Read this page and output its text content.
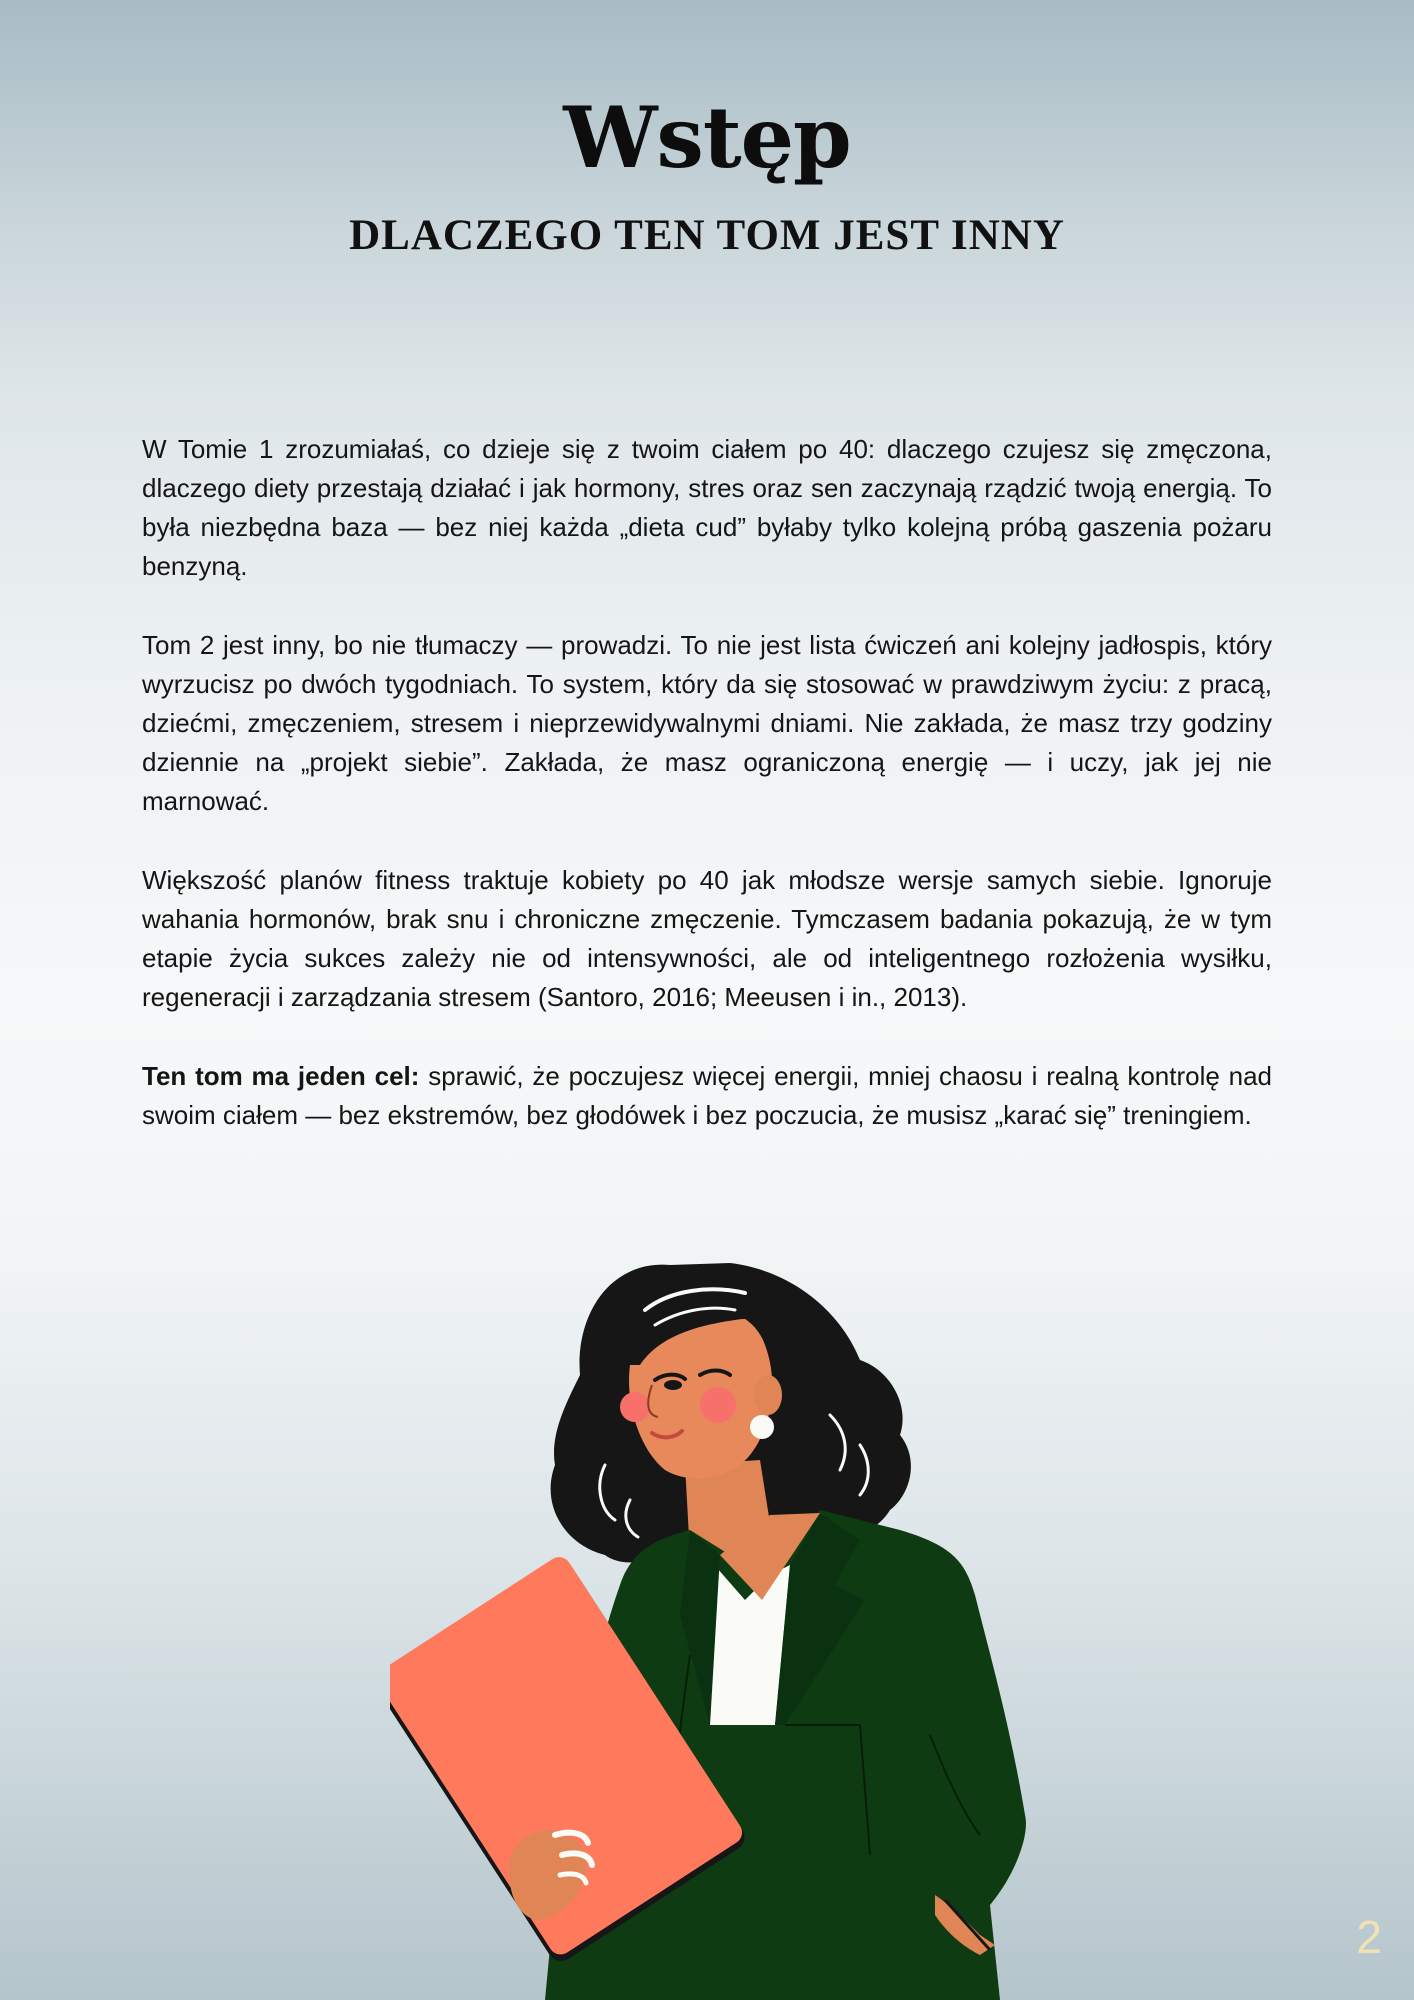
Wstęp
DLACZEGO TEN TOM JEST INNY

W Tomie 1 zrozumiałaś, co dzieje się z twoim ciałem po 40: dlaczego czujesz się zmęczona, dlaczego diety przestają działać i jak hormony, stres oraz sen zaczynają rządzić twoją energią. To była niezbędna baza — bez niej każda „dieta cud” byłaby tylko kolejną próbą gaszenia pożaru benzyną.

Tom 2 jest inny, bo nie tłumaczy — prowadzi. To nie jest lista ćwiczeń ani kolejny jadłospis, który wyrzucisz po dwóch tygodniach. To system, który da się stosować w prawdziwym życiu: z pracą, dziećmi, zmęczeniem, stresem i nieprzewidywalnymi dniami. Nie zakłada, że masz trzy godziny dziennie na „projekt siebie”. Zakłada, że masz ograniczoną energię — i uczy, jak jej nie marnować.

Większość planów fitness traktuje kobiety po 40 jak młodsze wersje samych siebie. Ignoruje wahania hormonów, brak snu i chroniczne zmęczenie. Tymczasem badania pokazują, że w tym etapie życia sukces zależy nie od intensywności, ale od inteligentnego rozłożenia wysiłku, regeneracji i zarządzania stresem (Santoro, 2016; Meeusen i in., 2013).

Ten tom ma jeden cel: sprawić, że poczujesz więcej energii, mniej chaosu i realną kontrolę nad swoim ciałem — bez ekstremów, bez głodówek i bez poczucia, że musisz „karać się” treningiem.

2
